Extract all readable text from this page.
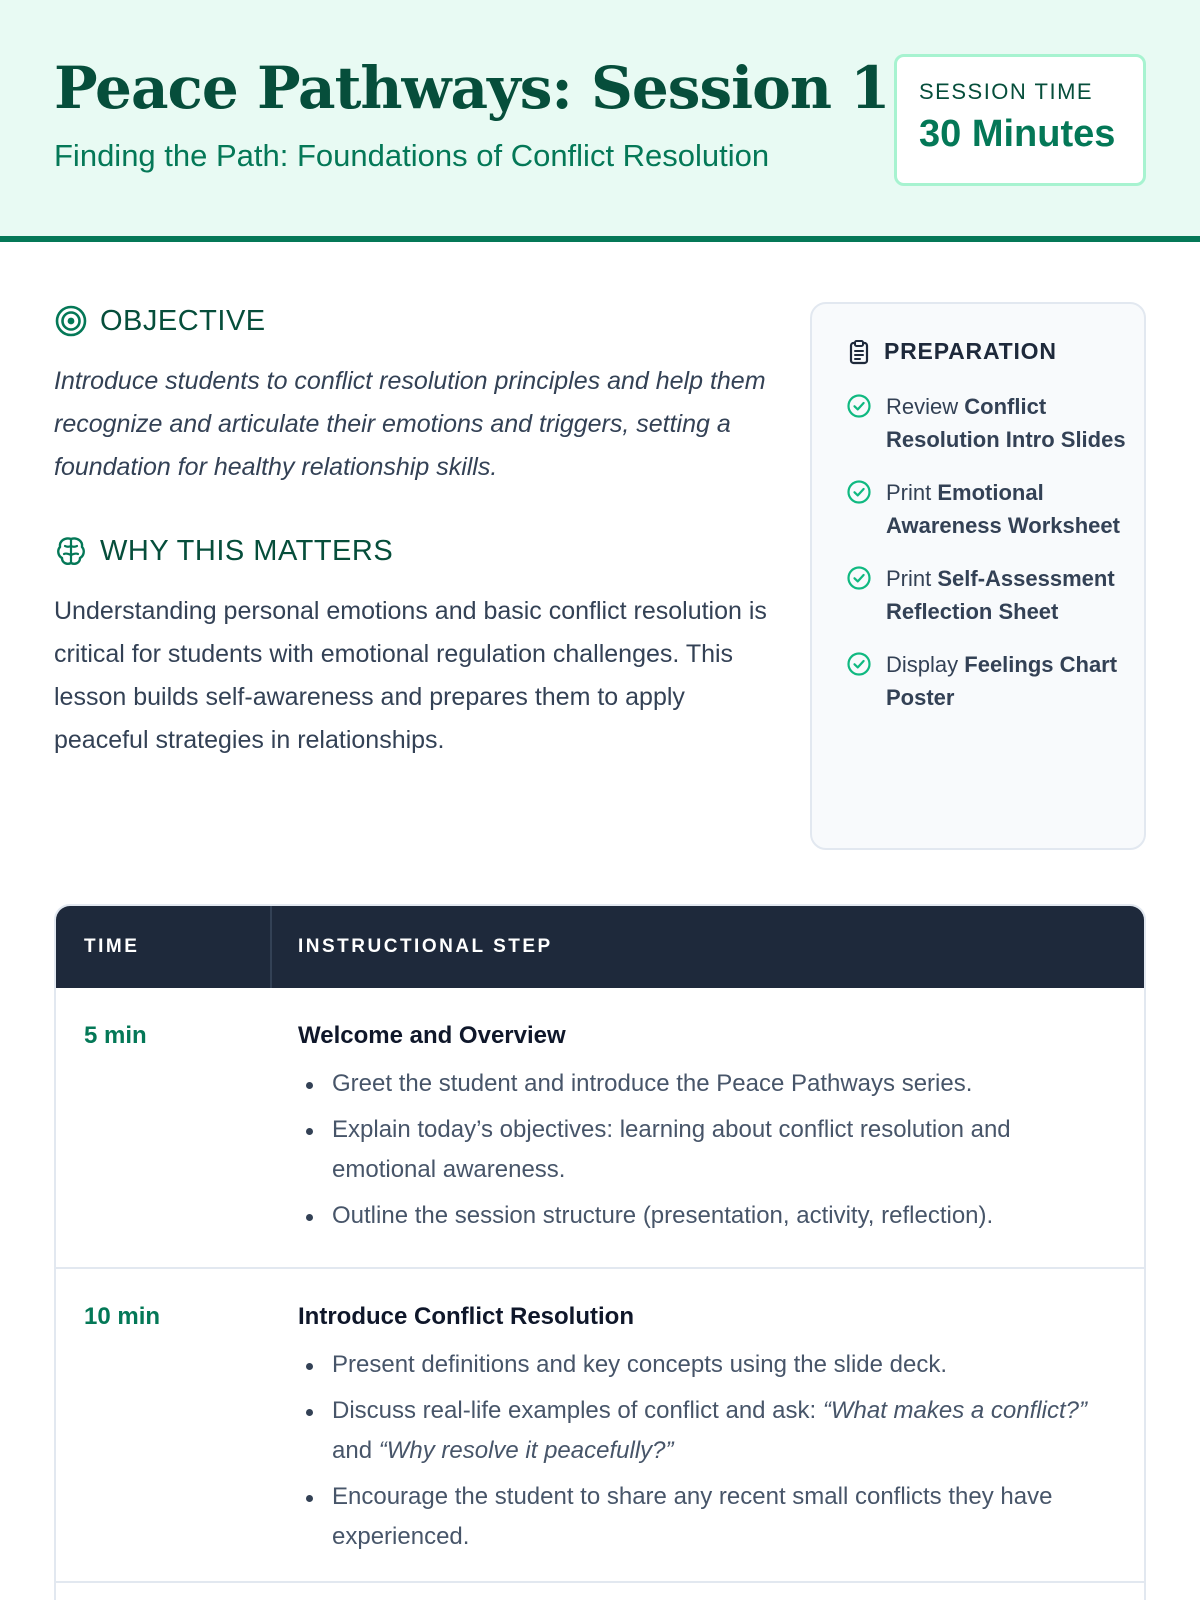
Peace Pathways: Session 1
Finding the Path: Foundations of Conflict Resolution
SESSION TIME
30 Minutes
OBJECTIVE
Introduce students to conflict resolution principles and help them recognize and articulate their emotions and triggers, setting a foundation for healthy relationship skills.
WHY THIS MATTERS
Understanding personal emotions and basic conflict resolution is critical for students with emotional regulation challenges. This lesson builds self-awareness and prepares them to apply peaceful strategies in relationships.
PREPARATION
Review Conflict Resolution Intro Slides
Print Emotional Awareness Worksheet
Print Self-Assessment Reflection Sheet
Display Feelings Chart Poster
TIME	INSTRUCTIONAL STEP
5 min	Welcome and Overview
Greet the student and introduce the Peace Pathways series.
Explain today’s objectives: learning about conflict resolution and emotional awareness.
Outline the session structure (presentation, activity, reflection).
10 min	Introduce Conflict Resolution
Present definitions and key concepts using the slide deck.
Discuss real-life examples of conflict and ask: “What makes a conflict?” and “Why resolve it peacefully?”
Encourage the student to share any recent small conflicts they have experienced.
